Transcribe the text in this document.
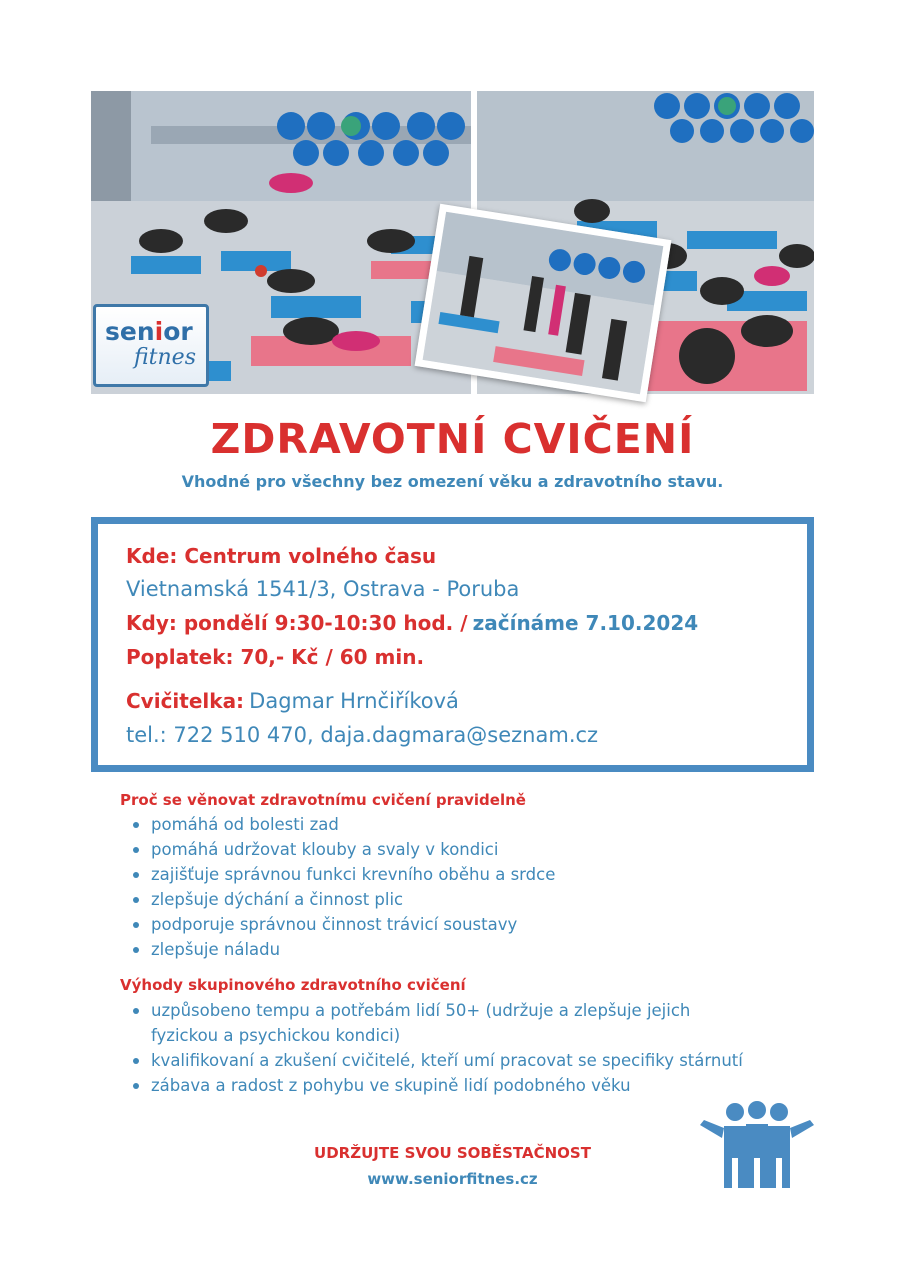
senior
fitnes
ZDRAVOTNÍ CVIČENÍ

Vhodné pro všechny bez omezení věku a zdravotního stavu.

Kde: Centrum volného času

Vietnamská 1541/3, Ostrava - Poruba

Kdy: pondělí 9:30-10:30 hod. / začínáme 7.10.2024

Poplatek: 70,- Kč / 60 min.

Cvičitelka: Dagmar Hrnčiříková

tel.: 722 510 470, daja.dagmara@seznam.cz

Proč se věnovat zdravotnímu cvičení pravidelně

pomáhá od bolesti zad
pomáhá udržovat klouby a svaly v kondici
zajišťuje správnou funkci krevního oběhu a srdce
zlepšuje dýchání a činnost plic
podporuje správnou činnost trávicí soustavy
zlepšuje náladu

Výhody skupinového zdravotního cvičení

uzpůsobeno tempu a potřebám lidí 50+ (udržuje a zlepšuje jejich fyzickou a psychickou kondici)
kvalifikovaní a zkušení cvičitelé, kteří umí pracovat se specifiky stárnutí
zábava a radost z pohybu ve skupině lidí podobného věku

UDRŽUJTE SVOU SOBĚSTAČNOST

www.seniorfitnes.cz
